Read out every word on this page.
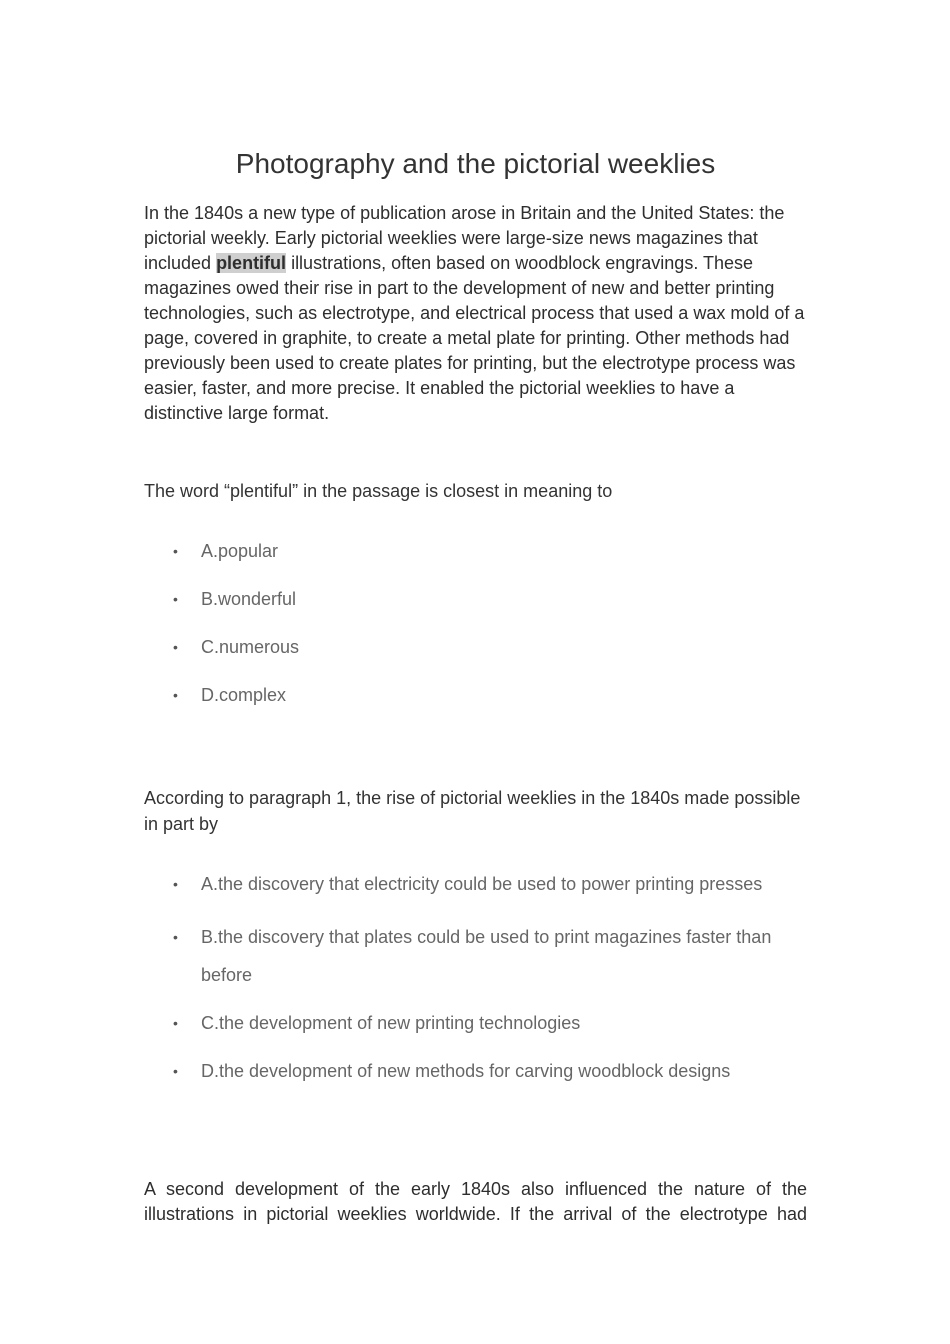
Photography and the pictorial weeklies

In the 1840s a new type of publication arose in Britain and the United States: the pictorial weekly. Early pictorial weeklies were large-size news magazines that included plentiful illustrations, often based on woodblock engravings. These magazines owed their rise in part to the development of new and better printing technologies, such as electrotype, and electrical process that used a wax mold of a page, covered in graphite, to create a metal plate for printing. Other methods had previously been used to create plates for printing, but the electrotype process was easier, faster, and more precise. It enabled the pictorial weeklies to have a distinctive large format.

The word “plentiful” in the passage is closest in meaning to

• A.popular
• B.wonderful
• C.numerous
• D.complex

According to paragraph 1, the rise of pictorial weeklies in the 1840s made possible in part by

• A.the discovery that electricity could be used to power printing presses
• B.the discovery that plates could be used to print magazines faster than before
• C.the development of new printing technologies
• D.the development of new methods for carving woodblock designs

A second development of the early 1840s also influenced the nature of the illustrations in pictorial weeklies worldwide. If the arrival of the electrotype had
